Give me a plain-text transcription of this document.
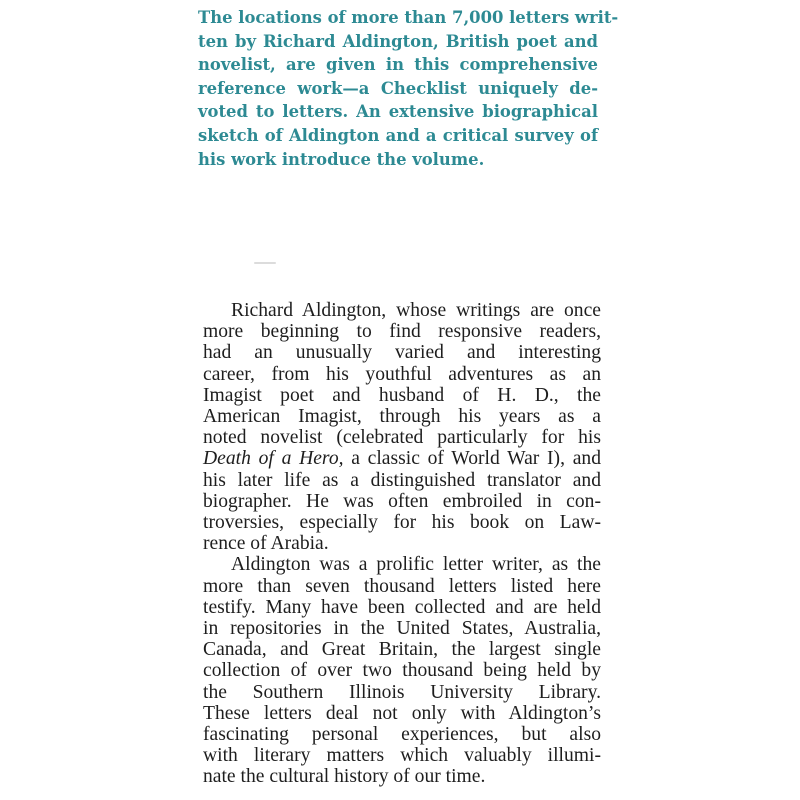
The locations of more than 7,000 letters writ-
ten by Richard Aldington, British poet and
novelist, are given in this comprehensive
reference work—a Checklist uniquely de-
voted to letters. An extensive biographical
sketch of Aldington and a critical survey of
his work introduce the volume.
Richard Aldington, whose writings are once
more beginning to find responsive readers,
had an unusually varied and interesting
career, from his youthful adventures as an
Imagist poet and husband of H. D., the
American Imagist, through his years as a
noted novelist (celebrated particularly for his
Death of a Hero, a classic of World War I), and
his later life as a distinguished translator and
biographer. He was often embroiled in con-
troversies, especially for his book on Law-
rence of Arabia.
Aldington was a prolific letter writer, as the
more than seven thousand letters listed here
testify. Many have been collected and are held
in repositories in the United States, Australia,
Canada, and Great Britain, the largest single
collection of over two thousand being held by
the Southern Illinois University Library.
These letters deal not only with Aldington’s
fascinating personal experiences, but also
with literary matters which valuably illumi-
nate the cultural history of our time.
